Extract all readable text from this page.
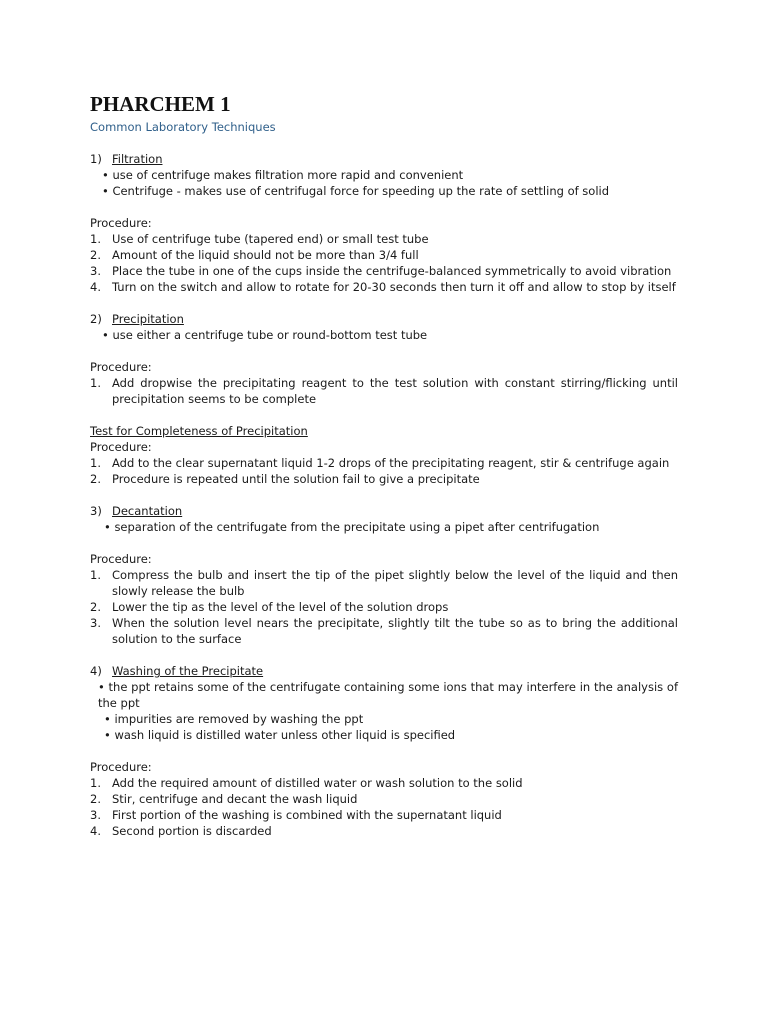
PHARCHEM 1
Common Laboratory Techniques
1) Filtration
• use of centrifuge makes filtration more rapid and convenient
• Centrifuge - makes use of centrifugal force for speeding up the rate of settling of solid
Procedure:
1. Use of centrifuge tube (tapered end) or small test tube
2. Amount of the liquid should not be more than 3/4 full
3. Place the tube in one of the cups inside the centrifuge-balanced symmetrically to avoid vibration
4. Turn on the switch and allow to rotate for 20-30 seconds then turn it off and allow to stop by itself
2) Precipitation
• use either a centrifuge tube or round-bottom test tube
Procedure:
1. Add dropwise the precipitating reagent to the test solution with constant stirring/flicking until precipitation seems to be complete
Test for Completeness of Precipitation
Procedure:
1. Add to the clear supernatant liquid 1-2 drops of the precipitating reagent, stir & centrifuge again
2. Procedure is repeated until the solution fail to give a precipitate
3) Decantation
• separation of the centrifugate from the precipitate using a pipet after centrifugation
Procedure:
1. Compress the bulb and insert the tip of the pipet slightly below the level of the liquid and then slowly release the bulb
2. Lower the tip as the level of the level of the solution drops
3. When the solution level nears the precipitate, slightly tilt the tube so as to bring the additional solution to the surface
4) Washing of the Precipitate
• the ppt retains some of the centrifugate containing some ions that may interfere in the analysis of the ppt
• impurities are removed by washing the ppt
• wash liquid is distilled water unless other liquid is specified
Procedure:
1. Add the required amount of distilled water or wash solution to the solid
2. Stir, centrifuge and decant the wash liquid
3. First portion of the washing is combined with the supernatant liquid
4. Second portion is discarded
